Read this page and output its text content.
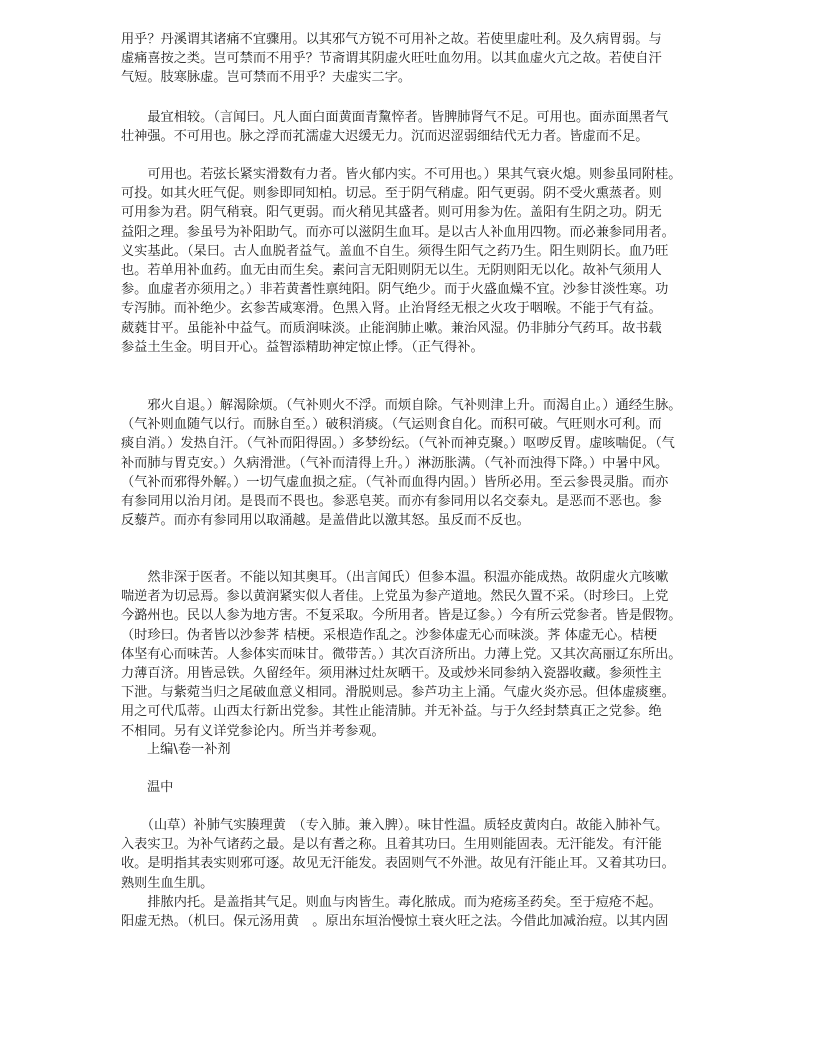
用乎？丹溪谓其诸痛不宜骤用。以其邪气方锐不可用补之故。若使里虚吐利。及久病胃弱。与
虚痛喜按之类。岂可禁而不用乎？节斋谓其阴虚火旺吐血勿用。以其血虚火亢之故。若使自汗
气短。肢寒脉虚。岂可禁而不用乎？夫虚实二字。

　　最宜相较。（言闻曰。凡人面白面黄面青黧悴者。皆脾肺肾气不足。可用也。面赤面黑者气
壮神强。不可用也。脉之浮而芤濡虚大迟缓无力。沉而迟涩弱细结代无力者。皆虚而不足。

　　可用也。若弦长紧实滑数有力者。皆火郁内实。不可用也。）果其气衰火熄。则参虽同附桂。
可投。如其火旺气促。则参即同知柏。切忌。至于阴气稍虚。阳气更弱。阴不受火熏蒸者。则
可用参为君。阴气稍衰。阳气更弱。而火稍见其盛者。则可用参为佐。盖阳有生阴之功。阴无
益阳之理。参虽号为补阳助气。而亦可以滋阴生血耳。是以古人补血用四物。而必兼参同用者。
义实基此。（杲曰。古人血脱者益气。盖血不自生。须得生阳气之药乃生。阳生则阴长。血乃旺
也。若单用补血药。血无由而生矣。素问言无阳则阴无以生。无阴则阳无以化。故补气须用人
参。血虚者亦须用之。）非若黄耆性禀纯阳。阴气绝少。而于火盛血燥不宜。沙参甘淡性寒。功
专泻肺。而补绝少。玄参苦咸寒滑。色黑入肾。止治肾经无根之火攻于咽喉。不能于气有益。
葳蕤甘平。虽能补中益气。而质润味淡。止能润肺止嗽。兼治风湿。仍非肺分气药耳。故书载
参益土生金。明目开心。益智添精助神定惊止悸。（正气得补。

　　邪火自退。）解渴除烦。（气补则火不浮。而烦自除。气补则津上升。而渴自止。）通经生脉。
（气补则血随气以行。而脉自至。）破积消痰。（气运则食自化。而积可破。气旺则水可利。而
痰自消。）发热自汗。（气补而阳得固。）多梦纷纭。（气补而神克聚。）呕哕反胃。虚咳喘促。（气
补而肺与胃克安。）久病滑泄。（气补而清得上升。）淋沥胀满。（气补而浊得下降。）中暑中风。
（气补而邪得外解。）一切气虚血损之症。（气补而血得内固。）皆所必用。至云参畏灵脂。而亦
有参同用以治月闭。是畏而不畏也。参恶皂荚。而亦有参同用以名交泰丸。是恶而不恶也。参
反藜芦。而亦有参同用以取涌越。是盖借此以激其怒。虽反而不反也。

　　然非深于医者。不能以知其奥耳。（出言闻氏）但参本温。积温亦能成热。故阴虚火亢咳嗽
喘逆者为切忌焉。参以黄润紧实似人者佳。上党虽为参产道地。然民久置不采。（时珍曰。上党
今潞州也。民以人参为地方害。不复采取。今所用者。皆是辽参。）今有所云党参者。皆是假物。
（时珍曰。伪者皆以沙参荠 桔梗。采根造作乱之。沙参体虚无心而味淡。荠 体虚无心。桔梗
体坚有心而味苦。人参体实而味甘。微带苦。）其次百济所出。力薄上党。又其次高丽辽东所出。
力薄百济。用皆忌铁。久留经年。须用淋过灶灰晒干。及或炒米同参纳入瓷器收藏。参须性主
下泄。与紫菀当归之尾破血意义相同。滑脱则忌。参芦功主上涌。气虚火炎亦忌。但体虚痰壅。
用之可代瓜蒂。山西太行新出党参。其性止能清肺。并无补益。与于久经封禁真正之党参。绝
不相同。另有义详党参论内。所当并考参观。

上编\卷一补剂

温中

　　（山草）补肺气实腠理黄　（专入肺。兼入脾）。味甘性温。质轻皮黄肉白。故能入肺补气。
入表实卫。为补气诸药之最。是以有耆之称。且着其功曰。生用则能固表。无汗能发。有汗能
收。是明指其表实则邪可逐。故见无汗能发。表固则气不外泄。故见有汗能止耳。又着其功曰。
熟则生血生肌。

　　排脓内托。是盖指其气足。则血与肉皆生。毒化脓成。而为疮疡圣药矣。至于痘疮不起。
阳虚无热。（机曰。保元汤用黄　。原出东垣治慢惊土衰火旺之法。今借此加减治痘。以其内固
